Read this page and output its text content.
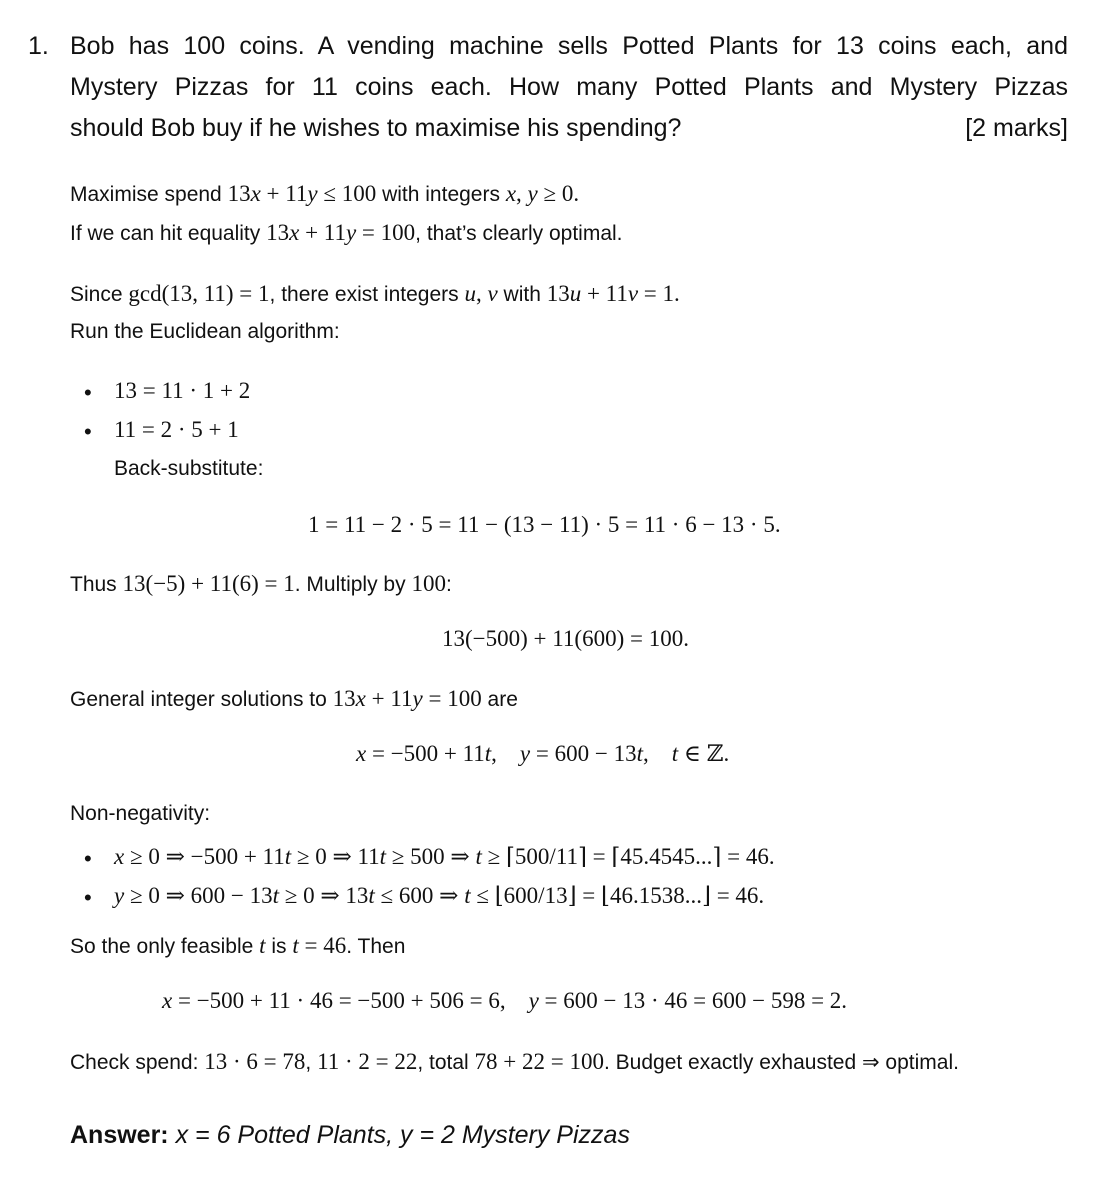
1. Bob has 100 coins. A vending machine sells Potted Plants for 13 coins each, and
Mystery Pizzas for 11 coins each. How many Potted Plants and Mystery Pizzas
should Bob buy if he wishes to maximise his spending?	[2 marks]
Maximise spend 13x + 11y ≤ 100 with integers x, y ≥ 0.
If we can hit equality 13x + 11y = 100, that’s clearly optimal.
Since gcd(13, 11) = 1, there exist integers u, v with 13u + 11v = 1.
Run the Euclidean algorithm:
• 13 = 11 · 1 + 2
• 11 = 2 · 5 + 1
Back-substitute:
1 = 11 − 2 · 5 = 11 − (13 − 11) · 5 = 11 · 6 − 13 · 5.
Thus 13(−5) + 11(6) = 1. Multiply by 100:
13(−500) + 11(600) = 100.
General integer solutions to 13x + 11y = 100 are
x = −500 + 11t,    y = 600 − 13t,    t ∈ ℤ.
Non-negativity:
• x ≥ 0 ⇒ −500 + 11t ≥ 0 ⇒ 11t ≥ 500 ⇒ t ≥ ⌈500/11⌉ = ⌈45.4545...⌉ = 46.
• y ≥ 0 ⇒ 600 − 13t ≥ 0 ⇒ 13t ≤ 600 ⇒ t ≤ ⌊600/13⌋ = ⌊46.1538...⌋ = 46.
So the only feasible t is t = 46. Then
x = −500 + 11 · 46 = −500 + 506 = 6,    y = 600 − 13 · 46 = 600 − 598 = 2.
Check spend: 13 · 6 = 78, 11 · 2 = 22, total 78 + 22 = 100. Budget exactly exhausted ⇒ optimal.
Answer: x = 6 Potted Plants, y = 2 Mystery Pizzas
